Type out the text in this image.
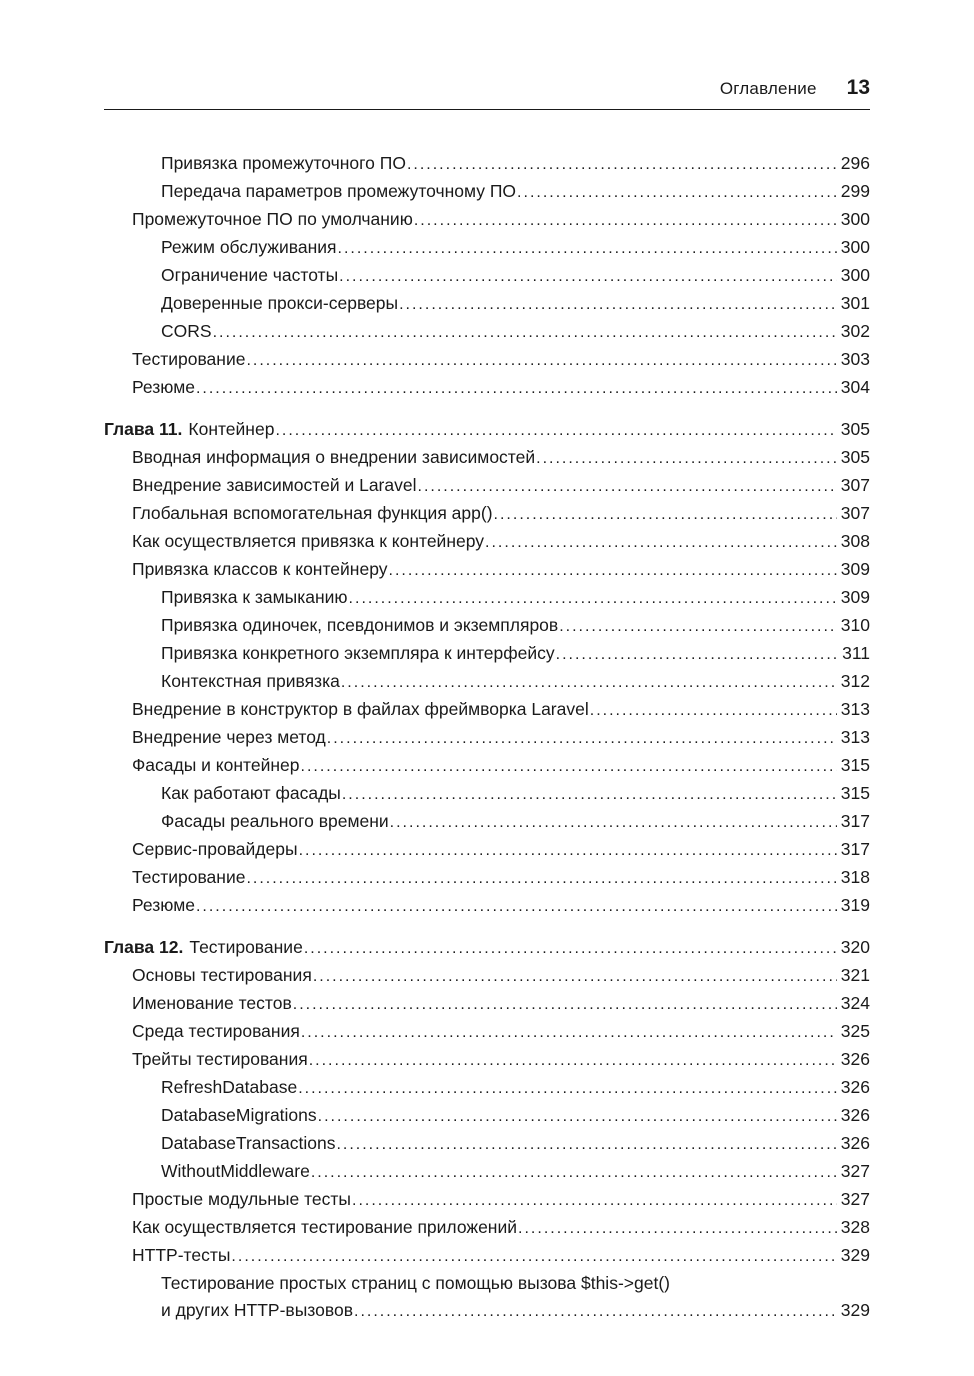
Оглавление 13
Привязка промежуточного ПО .....	296
Передача параметров промежуточному ПО .....	299
Промежуточное ПО по умолчанию .....	300
Режим обслуживания .....	300
Ограничение частоты .....	300
Доверенные прокси-серверы .....	301
CORS .....	302
Тестирование .....	303
Резюме .....	304
Глава 11. Контейнер .....	305
Вводная информация о внедрении зависимостей .....	305
Внедрение зависимостей и Laravel .....	307
Глобальная вспомогательная функция app() .....	307
Как осуществляется привязка к контейнеру .....	308
Привязка классов к контейнеру .....	309
Привязка к замыканию .....	309
Привязка одиночек, псевдонимов и экземпляров .....	310
Привязка конкретного экземпляра к интерфейсу .....	311
Контекстная привязка .....	312
Внедрение в конструктор в файлах фреймворка Laravel .....	313
Внедрение через метод .....	313
Фасады и контейнер .....	315
Как работают фасады .....	315
Фасады реального времени .....	317
Сервис-провайдеры .....	317
Тестирование .....	318
Резюме .....	319
Глава 12. Тестирование .....	320
Основы тестирования .....	321
Именование тестов .....	324
Среда тестирования .....	325
Трейты тестирования .....	326
RefreshDatabase .....	326
DatabaseMigrations .....	326
DatabaseTransactions .....	326
WithoutMiddleware .....	327
Простые модульные тесты .....	327
Как осуществляется тестирование приложений .....	328
HTTP-тесты .....	329
Тестирование простых страниц с помощью вызова $this->get()
и других HTTP-вызовов .....	329
